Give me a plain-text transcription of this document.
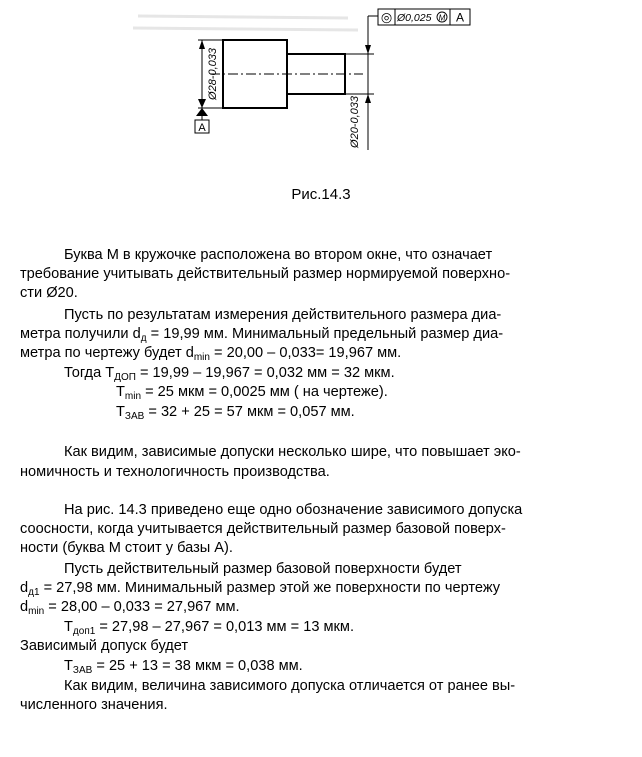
Ø28-0,033
A	Ø20-0,033
◎ Ø0,025 M A
Рис.14.3
Буква М в кружочке расположена во втором окне, что означает
требование учитывать действительный размер нормируемой поверхно-
сти Ø20.
Пусть по результатам измерения действительного размера диа-
метра получили $d_д = 19,99$ мм. Минимальный предельный размер диа-
метра по чертежу будет $d_{min} = 20,00 - 0,033= 19,967$ мм.
Тогда $T_{ДОП} = 19,99 - 19,967 = 0,032$ мм = 32 мкм.
$T_{min} = 25$ мкм = 0,0025 мм ( на чертеже).
$T_{ЗАВ} = 32 + 25 = 57$ мкм = 0,057 мм.
Как видим, зависимые допуски несколько шире, что повышает эко-
номичность и технологичность производства.
На рис. 14.3 приведено еще одно обозначение зависимого допуска
соосности, когда учитывается действительный размер базовой поверх-
ности (буква М стоит у базы А).
Пусть действительный размер базовой поверхности будет
$d_{д1} = 27,98$ мм. Минимальный размер этой же поверхности по чертежу
$d_{min} = 28,00 - 0,033 = 27,967$ мм.
$T_{доп1} = 27,98 - 27,967 = 0,013$ мм = 13 мкм.
Зависимый допуск будет
$T_{ЗАВ} = 25 + 13 = 38$ мкм = 0,038 мм.
Как видим, величина зависимого допуска отличается от ранее вы-
численного значения.
